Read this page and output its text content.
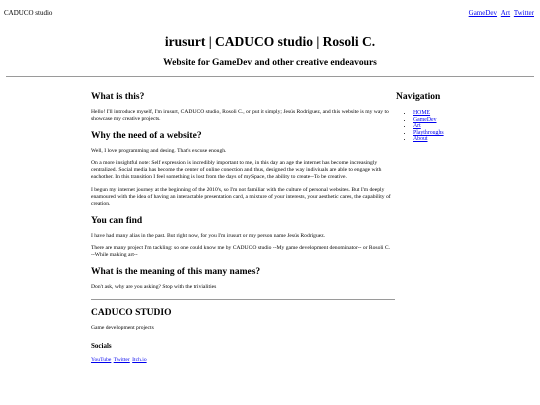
CADUCO studio	GameDev Art Twitter
irusurt | CADUCO studio | Rosoli C.
Website for GameDev and other creative endeavours
What is this?

Hello! I'll introduce myself, I'm irusurt, CADUCO studio, Rosoli C., or put it simply; Jesús Rodríguez, and this website is my way to showcase my creative projects.

Why the need of a website?

Well, I love programming and desing. That's excuse enough.

On a more insightful note: Self expression is incredibly important to me, in this day an age the internet has become increasingly centralized. Social media has become the center of online conection and thus, designed the way indiviuals are able to engage with eachother. In this transition I feel something is lost from the days of mySpace, the ability to create--To be creative.

I begun my internet journey at the beginning of the 2010's, so I'm not familiar with the culture of personal websites. But I'm deeply enamoured with the idea of having an interactable presentation card, a mixture of your interests, your aesthetic cares, the capability of creation.

You can find

I have had many alias in the past. But right now, for you I'm irusurt or my person name Jesús Rodríguez.

There are many project I'm tackling: so one could know me by CADUCO studio --My game development denominator-- or Rosoli C. --While making art--

What is the meaning of this many names?

Don't ask, why are you asking? Stop with the trivialities

CADUCO STUDIO

Game development projects

Socials
YouTube Twitter Itch.io
Navigation
• HOME
• GameDev
• Art
• Playthroughs
• About
